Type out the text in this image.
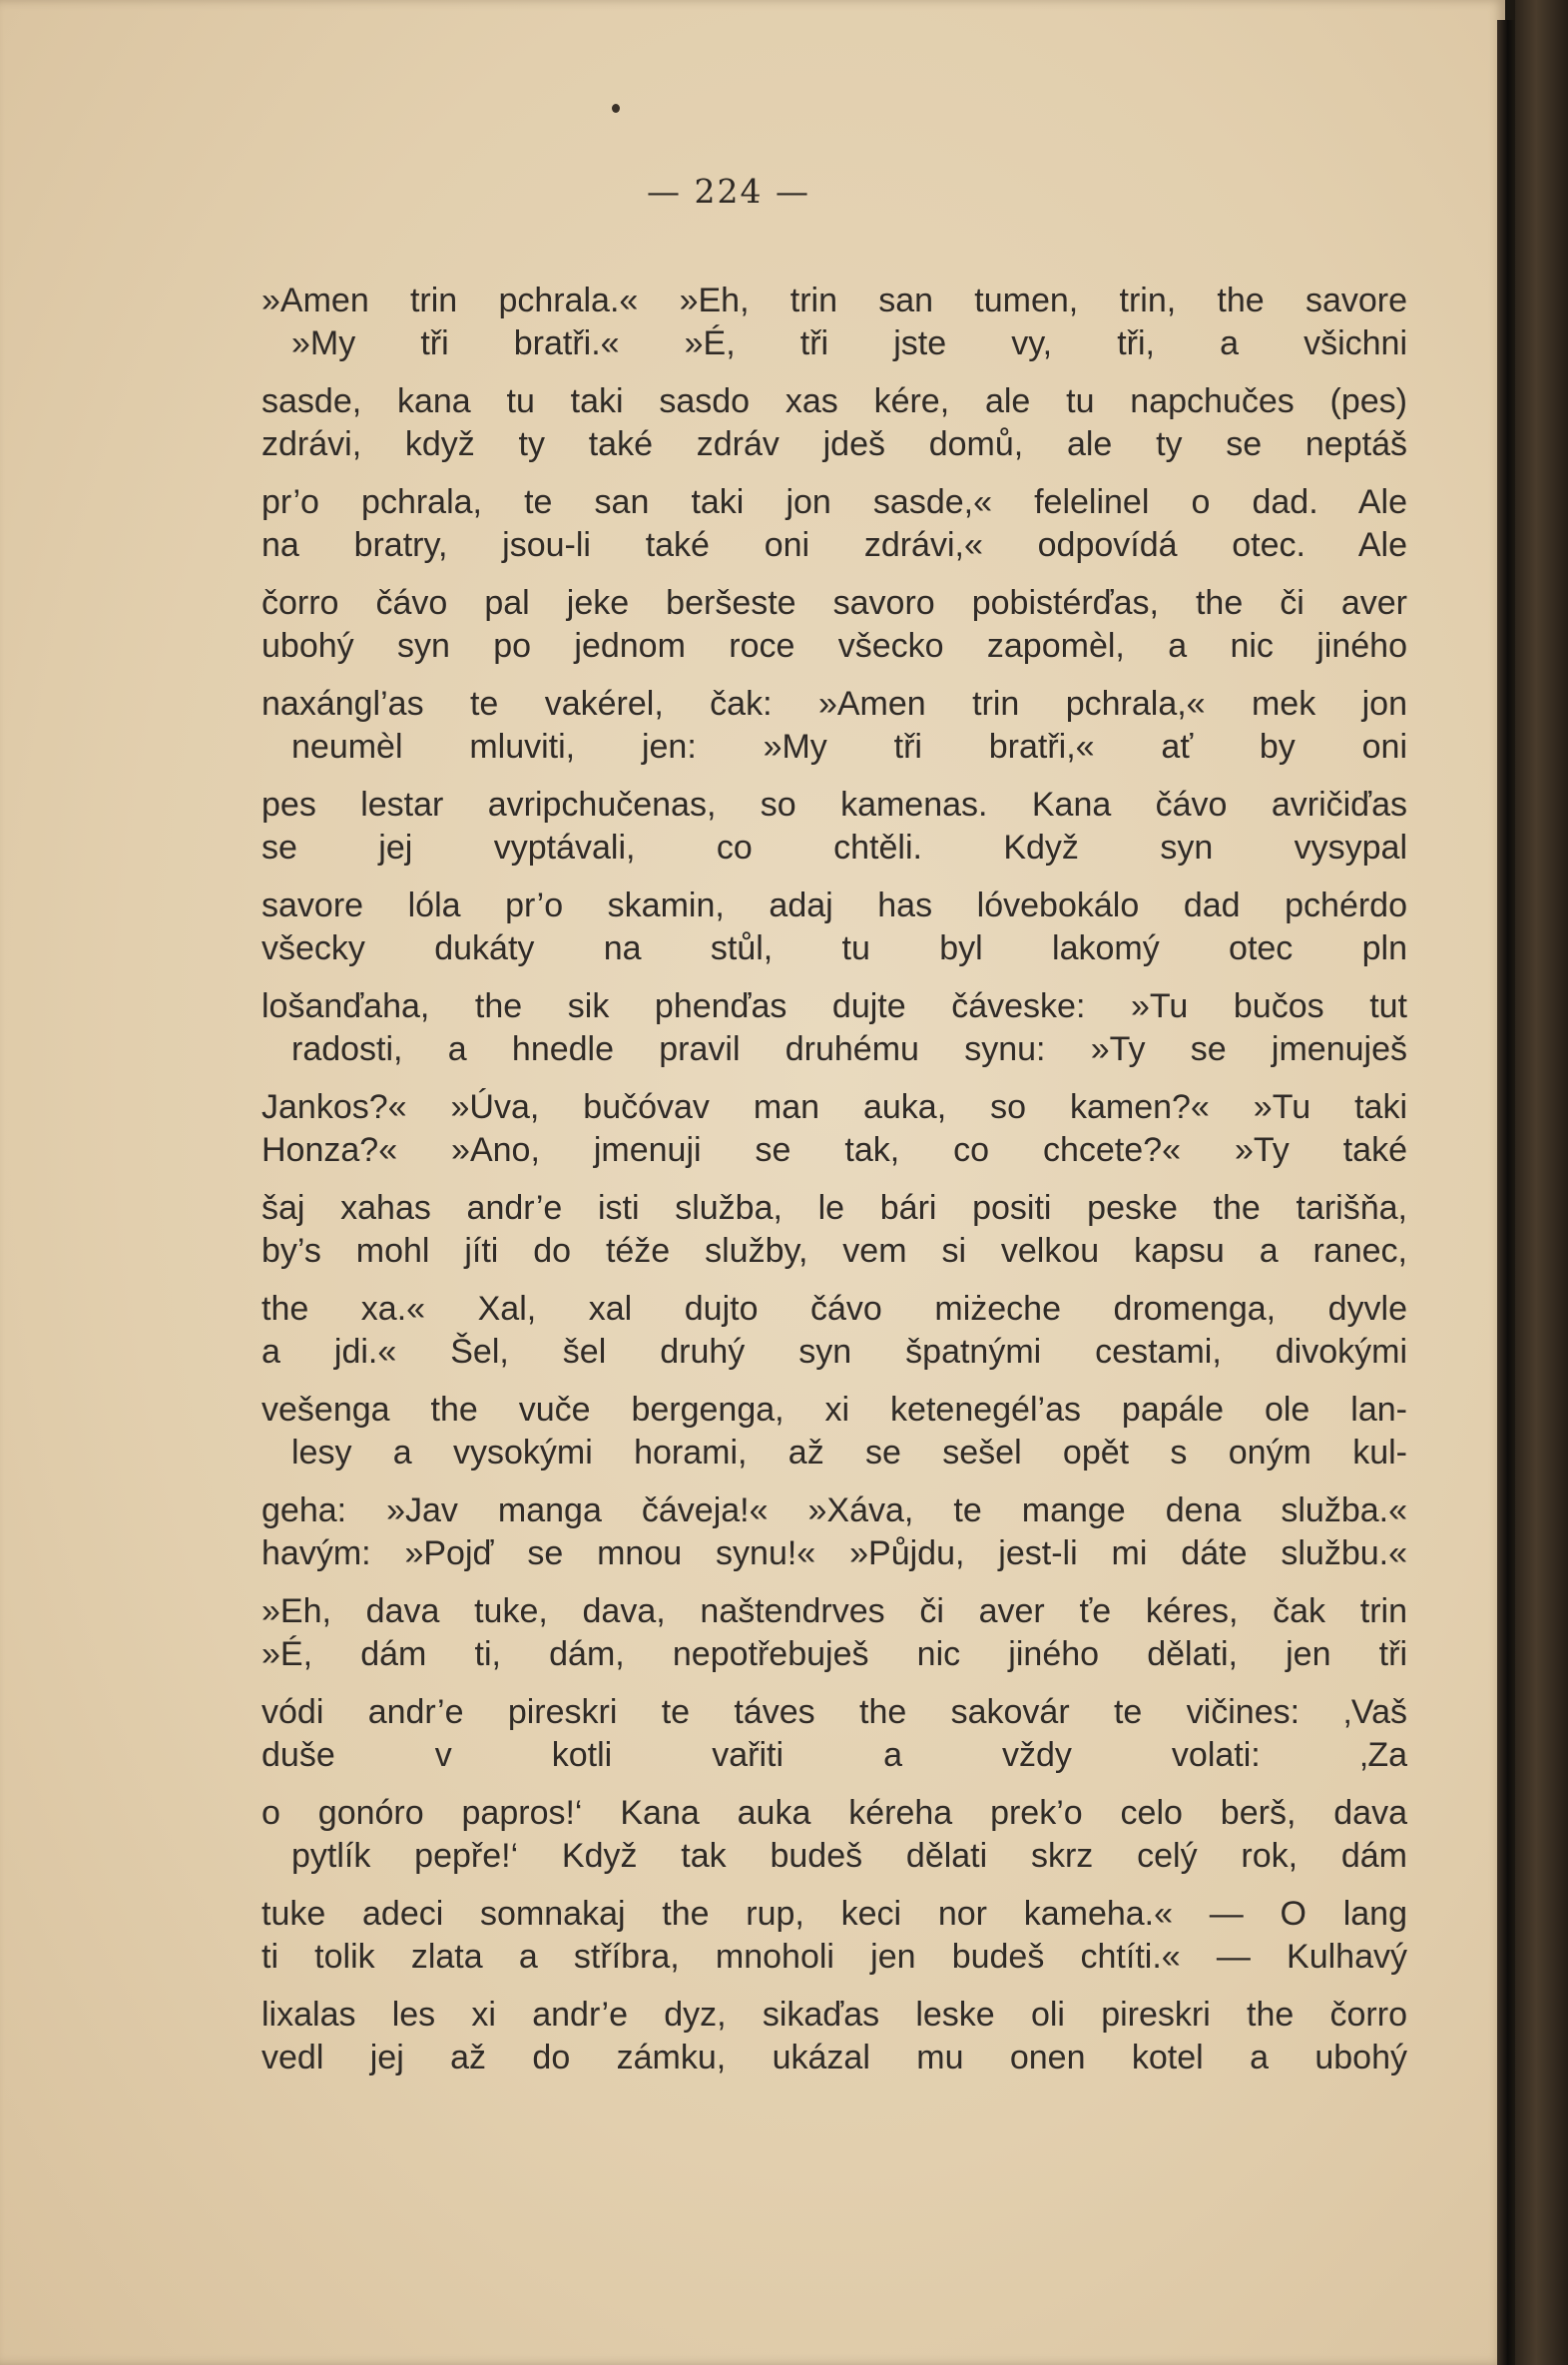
— 224 —
»Amen trin pchrala.« »Eh, trin san tumen, trin, the savore
»My tři bratři.« »É, tři jste vy, tři, a všichni
sasde, kana tu taki sasdo xas kére, ale tu napchučes (pes)
zdrávi, když ty také zdráv jdeš domů, ale ty se neptáš
pr’o pchrala, te san taki jon sasde,« felelinel o dad. Ale
na bratry, jsou-li také oni zdrávi,« odpovídá otec. Ale
čorro čávo pal jeke beršeste savoro pobistérďas, the či aver
ubohý syn po jednom roce všecko zapomèl, a nic jiného
naxángl’as te vakérel, čak: »Amen trin pchrala,« mek jon
neumèl mluviti, jen: »My tři bratři,« ať by oni
pes lestar avripchučenas, so kamenas. Kana čávo avričiďas
se jej vyptávali, co chtěli. Když syn vysypal
savore lóla pr’o skamin, adaj has lóvebokálo dad pchérdo
všecky dukáty na stůl, tu byl lakomý otec pln
lošanďaha, the sik phenďas dujte čáveske: »Tu bučos tut
radosti, a hnedle pravil druhému synu: »Ty se jmenuješ
Jankos?« »Úva, bučóvav man auka, so kamen?« »Tu taki
Honza?« »Ano, jmenuji se tak, co chcete?« »Ty také
šaj xahas andr’e isti služba, le bári positi peske the tarišňa,
by’s mohl jíti do téže služby, vem si velkou kapsu a ranec,
the xa.« Xal, xal dujto čávo miżeche dromenga, dyvle
a jdi.« Šel, šel druhý syn špatnými cestami, divokými
vešenga the vuče bergenga, xi ketenegél’as papále ole lan-
lesy a vysokými horami, až se sešel opět s oným kul-
geha: »Jav manga čáveja!« »Xáva, te mange dena služba.«
havým: »Pojď se mnou synu!« »Půjdu, jest-li mi dáte službu.«
»Eh, dava tuke, dava, naštendrves či aver ťe kéres, čak trin
»É, dám ti, dám, nepotřebuješ nic jiného dělati, jen tři
vódi andr’e pireskri te táves the sakovár te vičines: ‚Vaš
duše v kotli vařiti a vždy volati: ‚Za
o gonóro papros!‘ Kana auka kéreha prek’o celo berš, dava
pytlík pepře!‘ Když tak budeš dělati skrz celý rok, dám
tuke adeci somnakaj the rup, keci nor kameha.« — O lang
ti tolik zlata a stříbra, mnoholi jen budeš chtíti.« — Kulhavý
lixalas les xi andr’e dyz, sikaďas leske oli pireskri the čorro
vedl jej až do zámku, ukázal mu onen kotel a ubohý
